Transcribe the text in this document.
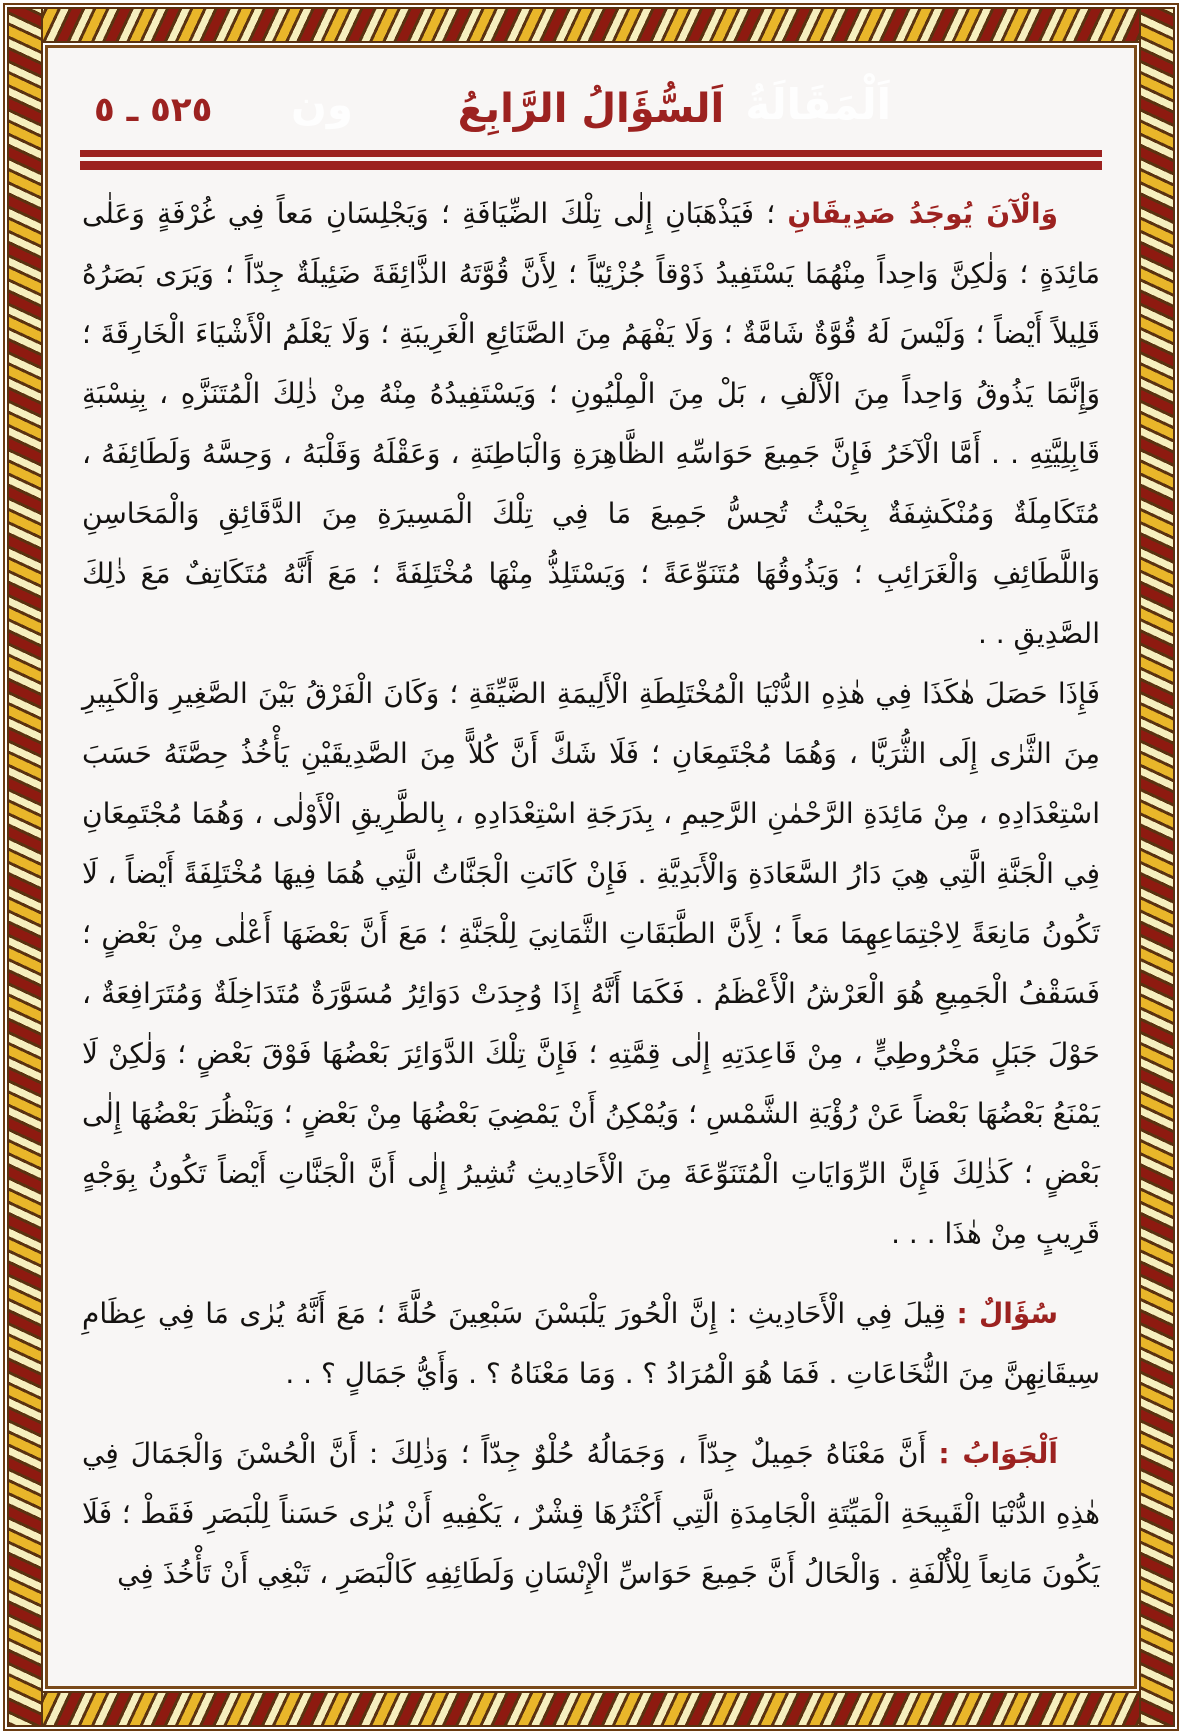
٥٢٥ ـ ٥	اَلْمَقَالَةُ
ون	اَلسُّؤَالُ الرَّابِعُ

وَالْآنَ يُوجَدُ صَدِيقَانِ ؛ فَيَذْهَبَانِ إِلٰى تِلْكَ الضِّيَافَةِ ؛ وَيَجْلِسَانِ مَعاً فِي غُرْفَةٍ وَعَلٰى مَائِدَةٍ ؛ وَلٰكِنَّ وَاحِداً مِنْهُمَا يَسْتَفِيدُ ذَوْقاً جُزْئِيّاً ؛ لِأَنَّ قُوَّتَهُ الذَّائِقَةَ ضَئِيلَةٌ جِدّاً ؛ وَيَرَى بَصَرُهُ قَلِيلاً أَيْضاً ؛ وَلَيْسَ لَهُ قُوَّةٌ شَامَّةٌ ؛ وَلَا يَفْهَمُ مِنَ الصَّنَائِعِ الْغَرِيبَةِ ؛ وَلَا يَعْلَمُ الْأَشْيَاءَ الْخَارِقَةَ ؛ وَإِنَّمَا يَذُوقُ وَاحِداً مِنَ الْأَلْفِ ، بَلْ مِنَ الْمِلْيُونِ ؛ وَيَسْتَفِيدُهُ مِنْهُ مِنْ ذٰلِكَ الْمُتَنَزَّهِ ، بِنِسْبَةِ قَابِلِيَّتِهِ . . أَمَّا الْآخَرُ فَإِنَّ جَمِيعَ حَوَاسِّهِ الظَّاهِرَةِ وَالْبَاطِنَةِ ، وَعَقْلَهُ وَقَلْبَهُ ، وَحِسَّهُ وَلَطَائِفَهُ ، مُتَكَامِلَةٌ وَمُنْكَشِفَةٌ بِحَيْثُ تُحِسُّ جَمِيعَ مَا فِي تِلْكَ الْمَسِيرَةِ مِنَ الدَّقَائِقِ وَالْمَحَاسِنِ وَاللَّطَائِفِ وَالْغَرَائِبِ ؛ وَيَذُوقُهَا مُتَنَوِّعَةً ؛ وَيَسْتَلِذُّ مِنْهَا مُخْتَلِفَةً ؛ مَعَ أَنَّهُ مُتَكَاتِفٌ مَعَ ذٰلِكَ الصَّدِيقِ . .

فَإِذَا حَصَلَ هٰكَذَا فِي هٰذِهِ الدُّنْيَا الْمُخْتَلِطَةِ الْأَلِيمَةِ الضَّيِّقَةِ ؛ وَكَانَ الْفَرْقُ بَيْنَ الصَّغِيرِ وَالْكَبِيرِ مِنَ الثَّرٰى إِلَى الثُّرَيَّا ، وَهُمَا مُجْتَمِعَانِ ؛ فَلَا شَكَّ أَنَّ كُلاًّ مِنَ الصَّدِيقَيْنِ يَأْخُذُ حِصَّتَهُ حَسَبَ اسْتِعْدَادِهِ ، مِنْ مَائِدَةِ الرَّحْمٰنِ الرَّحِيمِ ، بِدَرَجَةِ اسْتِعْدَادِهِ ، بِالطَّرِيقِ الْأَوْلٰى ، وَهُمَا مُجْتَمِعَانِ فِي الْجَنَّةِ الَّتِي هِيَ دَارُ السَّعَادَةِ وَالْأَبَدِيَّةِ . فَإِنْ كَانَتِ الْجَنَّاتُ الَّتِي هُمَا فِيهَا مُخْتَلِفَةً أَيْضاً ، لَا تَكُونُ مَانِعَةً لِاجْتِمَاعِهِمَا مَعاً ؛ لِأَنَّ الطَّبَقَاتِ الثَّمَانِيَ لِلْجَنَّةِ ؛ مَعَ أَنَّ بَعْضَهَا أَعْلٰى مِنْ بَعْضٍ ؛ فَسَقْفُ الْجَمِيعِ هُوَ الْعَرْشُ الْأَعْظَمُ . فَكَمَا أَنَّهُ إِذَا وُجِدَتْ دَوَائِرُ مُسَوَّرَةٌ مُتَدَاخِلَةٌ وَمُتَرَافِعَةٌ ، حَوْلَ جَبَلٍ مَخْرُوطِيٍّ ، مِنْ قَاعِدَتِهِ إِلٰى قِمَّتِهِ ؛ فَإِنَّ تِلْكَ الدَّوَائِرَ بَعْضُهَا فَوْقَ بَعْضٍ ؛ وَلٰكِنْ لَا يَمْنَعُ بَعْضُهَا بَعْضاً عَنْ رُؤْيَةِ الشَّمْسِ ؛ وَيُمْكِنُ أَنْ يَمْضِيَ بَعْضُهَا مِنْ بَعْضٍ ؛ وَيَنْظُرَ بَعْضُهَا إِلٰى بَعْضٍ ؛ كَذٰلِكَ فَإِنَّ الرِّوَايَاتِ الْمُتَنَوِّعَةَ مِنَ الْأَحَادِيثِ تُشِيرُ إِلٰى أَنَّ الْجَنَّاتِ أَيْضاً تَكُونُ بِوَجْهٍ قَرِيبٍ مِنْ هٰذَا . . .

سُؤَالٌ : قِيلَ فِي الْأَحَادِيثِ : إِنَّ الْحُورَ يَلْبَسْنَ سَبْعِينَ حُلَّةً ؛ مَعَ أَنَّهُ يُرٰى مَا فِي عِظَامِ سِيقَانِهِنَّ مِنَ النُّخَاعَاتِ . فَمَا هُوَ الْمُرَادُ ؟ . وَمَا مَعْنَاهُ ؟ . وَأَيُّ جَمَالٍ ؟ . .

اَلْجَوَابُ : أَنَّ مَعْنَاهُ جَمِيلٌ جِدّاً ، وَجَمَالُهُ حُلْوٌ جِدّاً ؛ وَذٰلِكَ : أَنَّ الْحُسْنَ وَالْجَمَالَ فِي هٰذِهِ الدُّنْيَا الْقَبِيحَةِ الْمَيِّتَةِ الْجَامِدَةِ الَّتِي أَكْثَرُهَا قِشْرٌ ، يَكْفِيهِ أَنْ يُرٰى حَسَناً لِلْبَصَرِ فَقَطْ ؛ فَلَا يَكُونَ مَانِعاً لِلْأُلْفَةِ . وَالْحَالُ أَنَّ جَمِيعَ حَوَاسِّ الْإِنْسَانِ وَلَطَائِفِهِ كَالْبَصَرِ ، تَبْغِي أَنْ تَأْخُذَ فِي
